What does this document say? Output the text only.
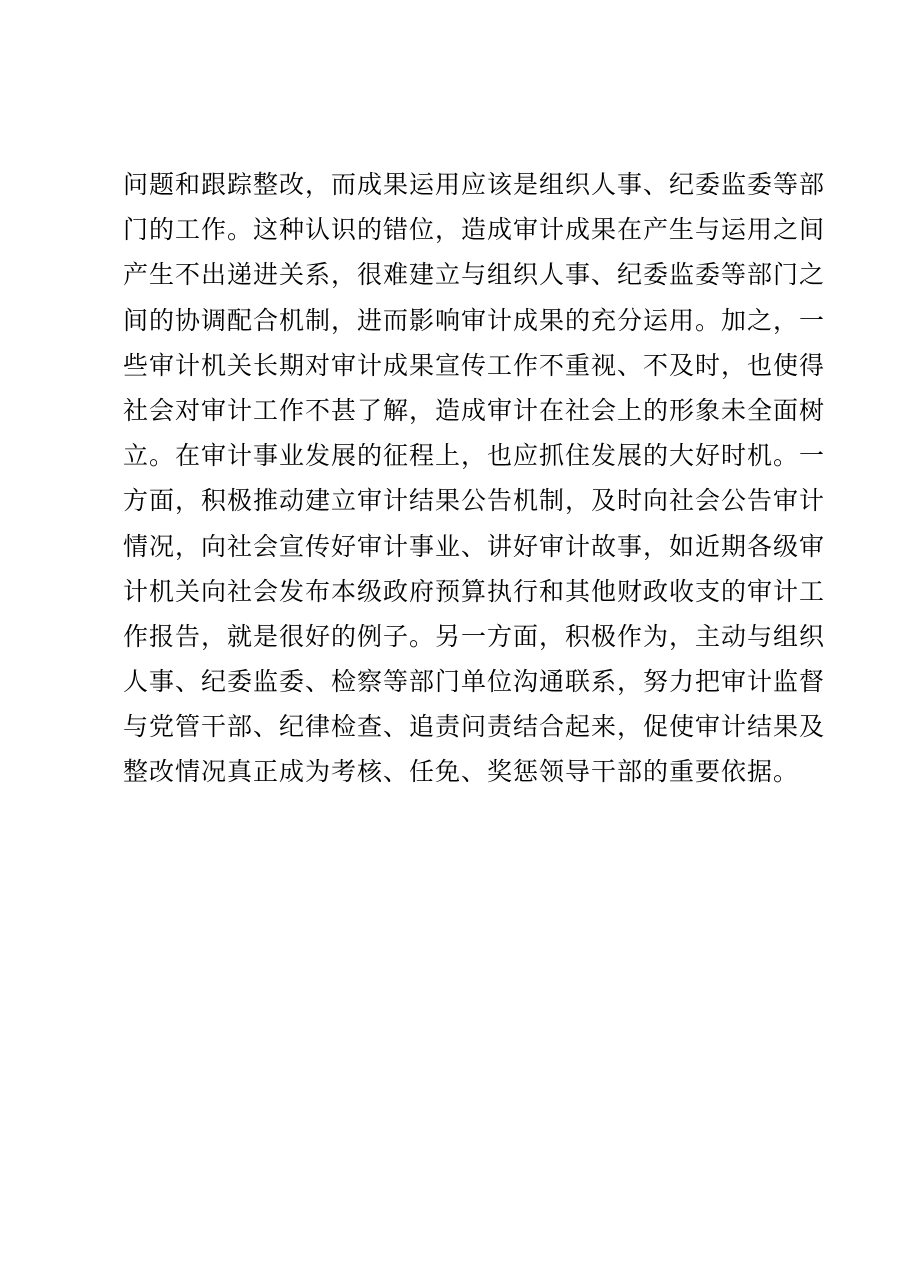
问题和跟踪整改，而成果运用应该是组织人事、纪委监委等部
门的工作。这种认识的错位，造成审计成果在产生与运用之间
产生不出递进关系，很难建立与组织人事、纪委监委等部门之
间的协调配合机制，进而影响审计成果的充分运用。加之，一
些审计机关长期对审计成果宣传工作不重视、不及时，也使得
社会对审计工作不甚了解，造成审计在社会上的形象未全面树
立。在审计事业发展的征程上，也应抓住发展的大好时机。一
方面，积极推动建立审计结果公告机制，及时向社会公告审计
情况，向社会宣传好审计事业、讲好审计故事，如近期各级审
计机关向社会发布本级政府预算执行和其他财政收支的审计工
作报告，就是很好的例子。另一方面，积极作为，主动与组织
人事、纪委监委、检察等部门单位沟通联系，努力把审计监督
与党管干部、纪律检查、追责问责结合起来，促使审计结果及
整改情况真正成为考核、任免、奖惩领导干部的重要依据。
